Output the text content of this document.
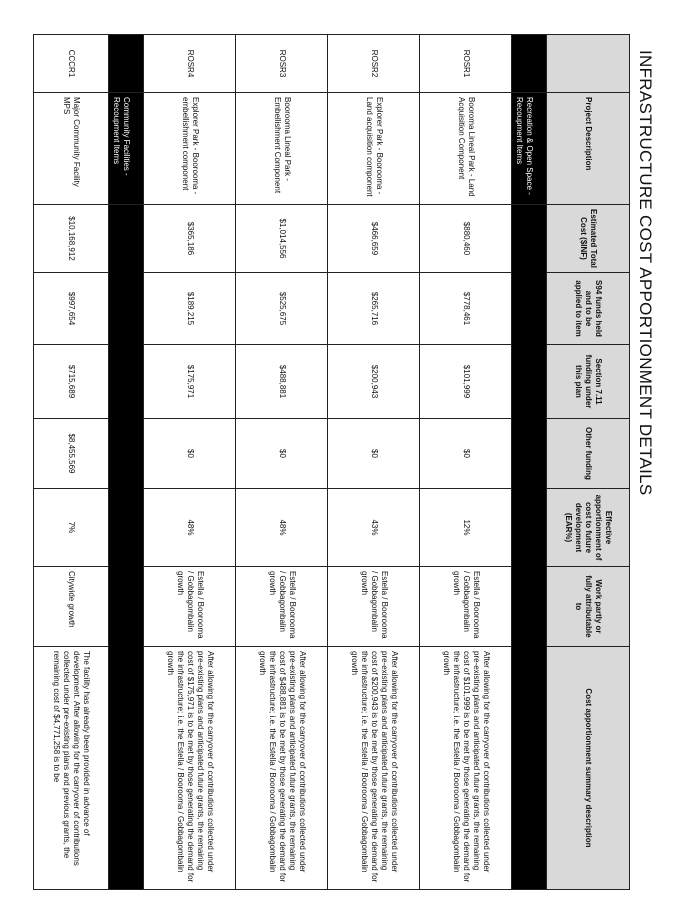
INFRASTRUCTURE COST APPORTIONMENT DETAILS
	Project Description	Estimated Total Cost ($INF)	S94 funds held and to be applied to item	Section 7.11 funding under this plan	Other funding	Effective apportionment of cost to future development (EAR%)	Work partly or fully attributable to	Cost apportionment summary description
	Recreation & Open Space - Recoupment Items							
ROSR1	Booroma Lineal Park - Land Acquisition Component	$880,460	$778,461	$101,999	$0	12%	Estella / Boorooma / Gobbagombalin growth	After allowing for the carryover of contributions collected under pre-existing plans and anticipated future grants, the remaining cost of $101,999 is to be met by those generating the demand for the infrastructure; i.e. the Estella / Boorooma / Gobbagombalin growth
ROSR2	Explorer Park - Boorooma - Land acquisition component	$466,659	$265,716	$200,943	$0	43%	Estella / Boorooma / Gobbagombalin growth	After allowing for the carryover of contributions collected under pre-existing plans and anticipated future grants, the remaining cost of $200,943 is to be met by those generating the demand for the infrastructure; i.e. the Estella / Boorooma / Gobbagombalin growth
ROSR3	Boorooma Lineal Park - Embellishment Component	$1,014,556	$525,675	$488,881	$0	48%	Estella / Boorooma / Gobbagombalin growth	After allowing for the carryover of contributions collected under pre-existing plans and anticipated future grants, the remaining cost of $488,881 is to be met by those generating the demand for the infrastructure; i.e. the Estella / Boorooma / Gobbagombalin growth
ROSR4	Explorer Park - Boorooma - embellishment component	$365,186	$189,215	$175,971	$0	48%	Estella / Boorooma / Gobbagombalin growth	After allowing for the carryover of contributions collected under pre-existing plans and anticipated future grants, the remaining cost of $175,971 is to be met by those generating the demand for the infrastructure; i.e. the Estella / Boorooma / Gobbagombalin growth
	Community Facilities - Recoupment Items							
CCCR1	Major Community Facility MPS	$10,168,912	$997,654	$715,689	$8,455,569	7%	Citywide growth	The facility has already been provided in advance of development. After allowing for the carryover of contributions collected under pre-existing plans and previous grants, the remaining cost of $4,771,258 is to be
